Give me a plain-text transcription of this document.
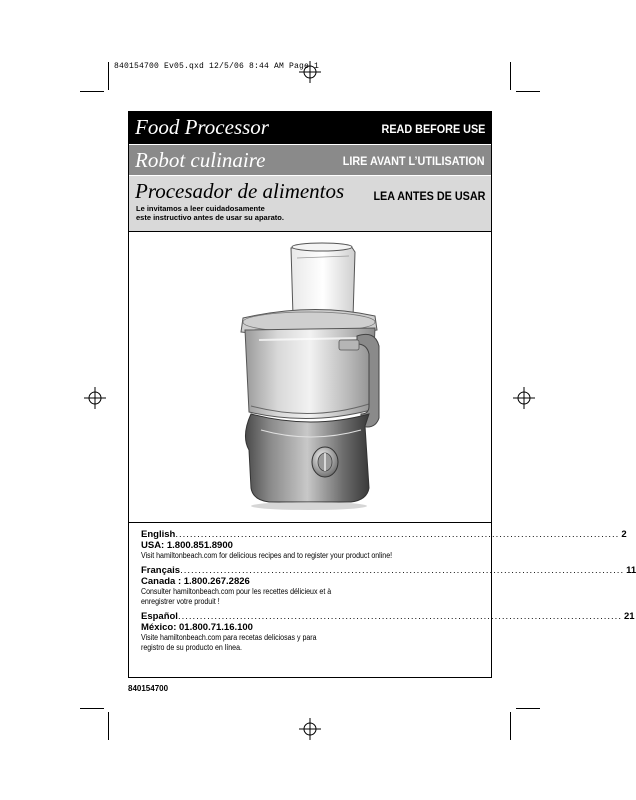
840154700 Ev05.qxd 12/5/06 8:44 AM Page 1
Food Processor	READ BEFORE USE
Robot culinaire	LIRE AVANT L’UTILISATION
Procesador de alimentos LEA ANTES DE USAR
Le invitamos a leer cuidadosamente
este instructivo antes de usar su aparato.
English .......................................................................................................................... 2
USA: 1.800.851.8900
Visit hamiltonbeach.com for delicious recipes and to register your product online!
Français .......................................................................................................................... 11
Canada : 1.800.267.2826
Consulter hamiltonbeach.com pour les recettes délicieux et à
enregistrer votre produit !
Español .......................................................................................................................... 21
México: 01.800.71.16.100
Visite hamiltonbeach.com para recetas deliciosas y para
registro de su producto en línea.
840154700
